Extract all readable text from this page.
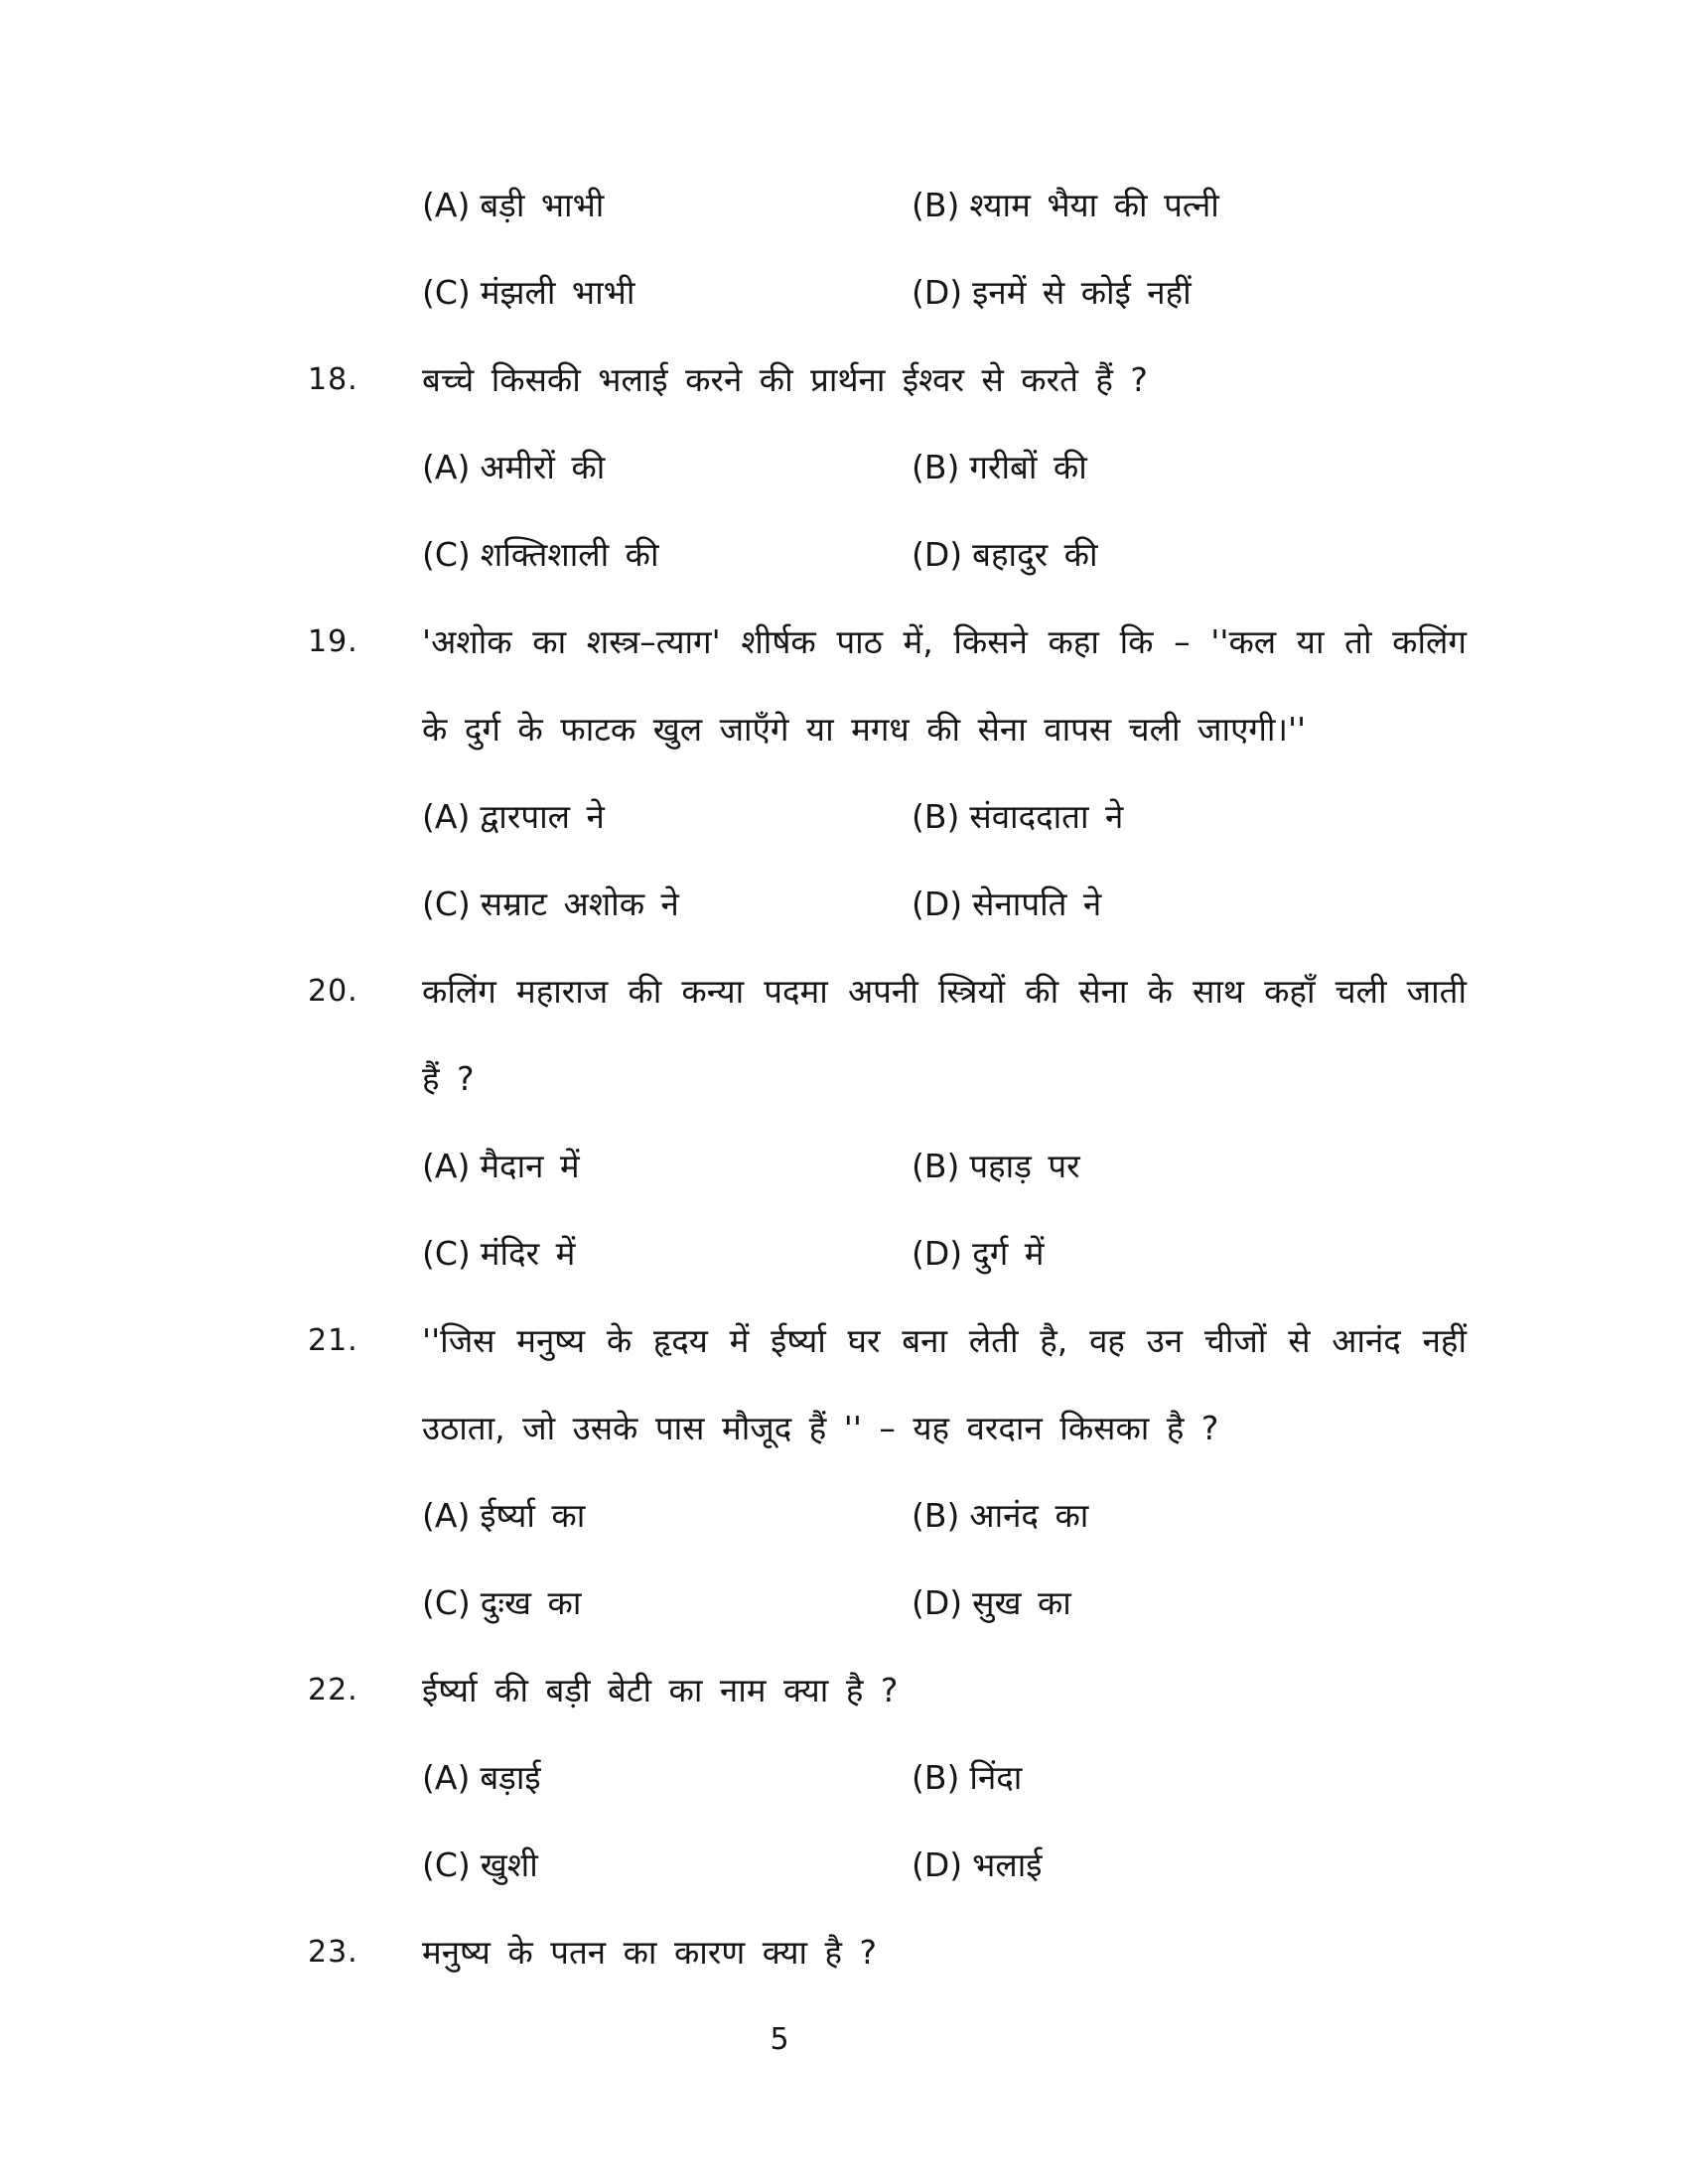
(A) बड़ी भाभी	(B) श्याम भैया की पत्नी
(C) मंझली भाभी	(D) इनमें से कोई नहीं
18.	बच्चे किसकी भलाई करने की प्रार्थना ईश्वर से करते हैं ?
(A) अमीरों की	(B) गरीबों की
(C) शक्तिशाली की	(D) बहादुर की
19.	'अशोक का शस्त्र–त्याग' शीर्षक पाठ में, किसने कहा कि – ''कल या तो कलिंग के दुर्ग के फाटक खुल जाएँगे या मगध की सेना वापस चली जाएगी।''
(A) द्वारपाल ने	(B) संवाददाता ने
(C) सम्राट अशोक ने	(D) सेनापति ने
20.	कलिंग महाराज की कन्या पदमा अपनी स्त्रियों की सेना के साथ कहाँ चली जाती हैं ?
(A) मैदान में	(B) पहाड़ पर
(C) मंदिर में	(D) दुर्ग में
21.	''जिस मनुष्य के हृदय में ईर्ष्या घर बना लेती है, वह उन चीजों से आनंद नहीं उठाता, जो उसके पास मौजूद हैं '' – यह वरदान किसका है ?
(A) ईर्ष्या का	(B) आनंद का
(C) दुःख का	(D) सुख का
22.	ईर्ष्या की बड़ी बेटी का नाम क्या है ?
(A) बड़ाई	(B) निंदा
(C) खुशी	(D) भलाई
23.	मनुष्य के पतन का कारण क्या है ?
5
